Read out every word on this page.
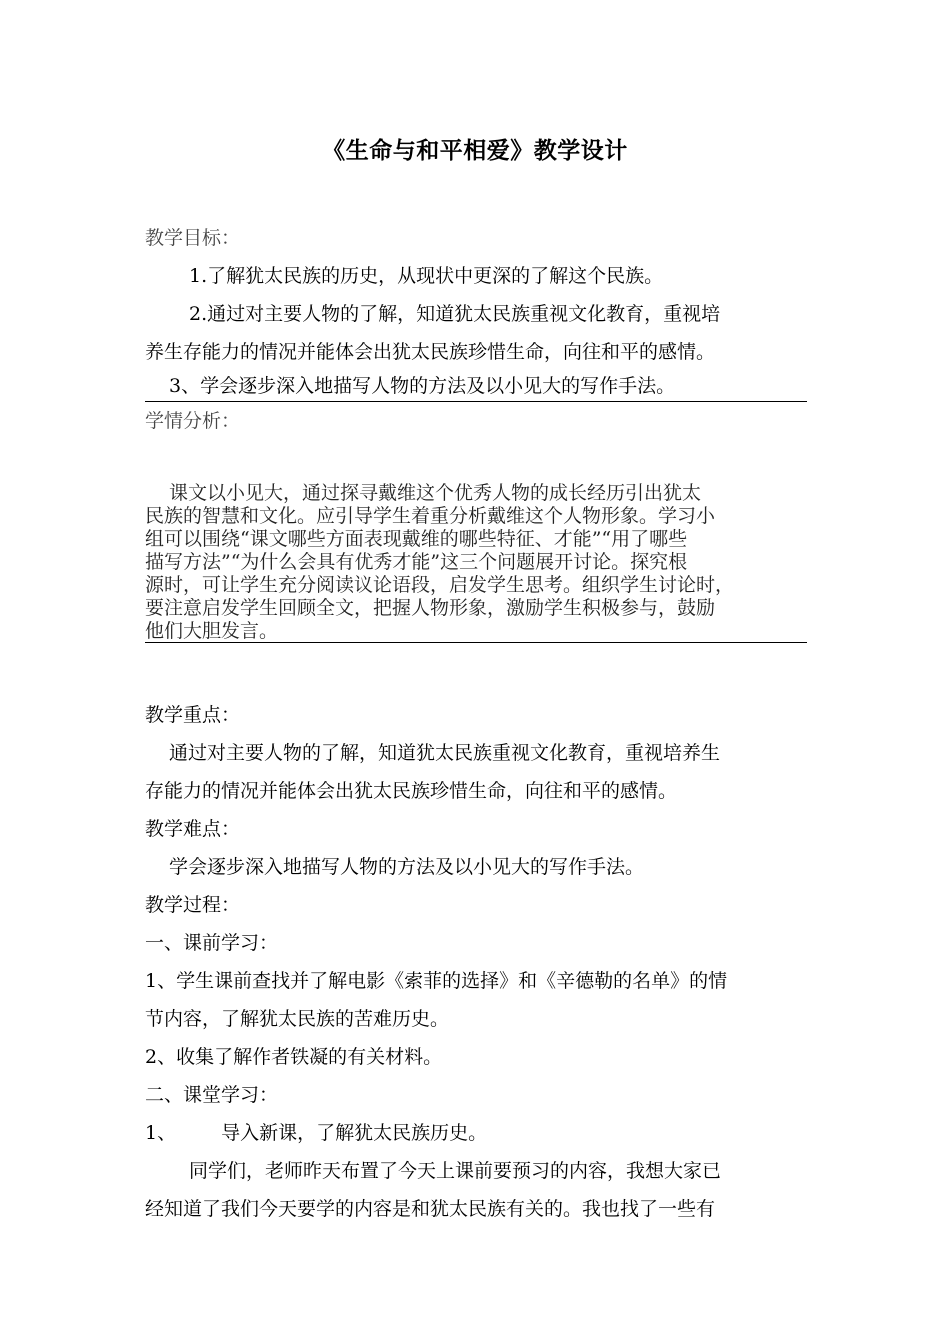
《生命与和平相爱》教学设计
教学目标：
1.了解犹太民族的历史，从现状中更深的了解这个民族。
2.通过对主要人物的了解，知道犹太民族重视文化教育，重视培
养生存能力的情况并能体会出犹太民族珍惜生命，向往和平的感情。
3、学会逐步深入地描写人物的方法及以小见大的写作手法。
学情分析：
课文以小见大，通过探寻戴维这个优秀人物的成长经历引出犹太
民族的智慧和文化。应引导学生着重分析戴维这个人物形象。学习小
组可以围绕“课文哪些方面表现戴维的哪些特征、才能”“用了哪些
描写方法”“为什么会具有优秀才能”这三个问题展开讨论。探究根
源时，可让学生充分阅读议论语段，启发学生思考。组织学生讨论时，
要注意启发学生回顾全文，把握人物形象，激励学生积极参与，鼓励
他们大胆发言。
教学重点：
通过对主要人物的了解，知道犹太民族重视文化教育，重视培养生
存能力的情况并能体会出犹太民族珍惜生命，向往和平的感情。
教学难点：
学会逐步深入地描写人物的方法及以小见大的写作手法。
教学过程：
一、课前学习：
1、学生课前查找并了解电影《索菲的选择》和《辛德勒的名单》的情
节内容，了解犹太民族的苦难历史。
2、收集了解作者铁凝的有关材料。
二、课堂学习：
1、 导入新课，了解犹太民族历史。
同学们，老师昨天布置了今天上课前要预习的内容，我想大家已
经知道了我们今天要学的内容是和犹太民族有关的。我也找了一些有
